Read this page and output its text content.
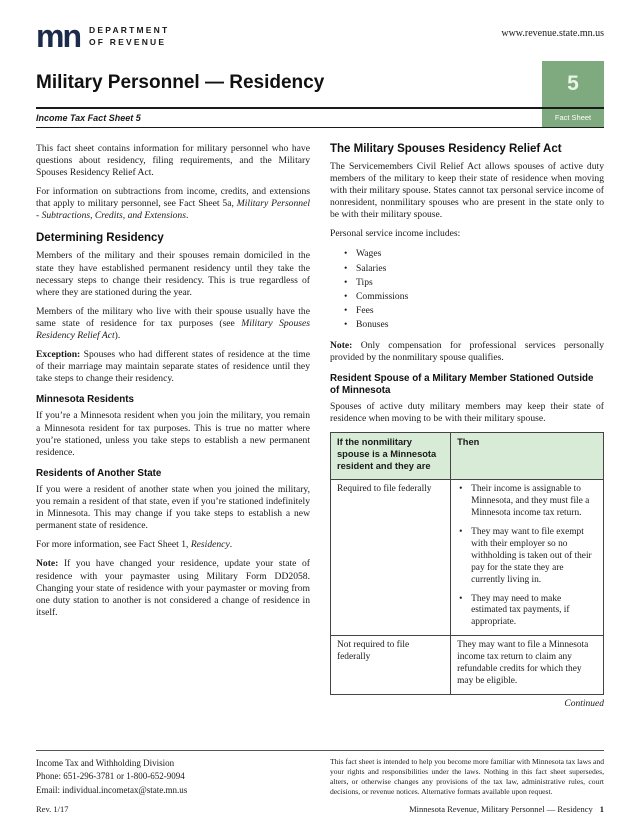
mn DEPARTMENT
OF REVENUE
www.revenue.state.mn.us
Military Personnel — Residency	5
Income Tax Fact Sheet 5	Fact Sheet

This fact sheet contains information for military personnel who have questions about residency, filing requirements, and the Military Spouses Residency Relief Act.

For information on subtractions from income, credits, and extensions that apply to military personnel, see Fact Sheet 5a, Military Personnel - Subtractions, Credits, and Extensions.

Determining Residency

Members of the military and their spouses remain domiciled in the state they have established permanent residency until they take the necessary steps to change their residency. This is true regardless of where they are stationed during the year.

Members of the military who live with their spouse usually have the same state of residence for tax purposes (see Military Spouses Residency Relief Act).

Exception: Spouses who had different states of residence at the time of their marriage may maintain separate states of residence until they take steps to change their residency.

Minnesota Residents

If you’re a Minnesota resident when you join the military, you remain a Minnesota resident for tax purposes. This is true no matter where you’re stationed, unless you take steps to establish a new permanent residence.

Residents of Another State

If you were a resident of another state when you joined the military, you remain a resident of that state, even if you’re stationed indefinitely in Minnesota. This may change if you take steps to establish a new permanent state of residence.

For more information, see Fact Sheet 1, Residency.

Note: If you have changed your residence, update your state of residence with your paymaster using Military Form DD2058. Changing your state of residence with your paymaster or moving from one duty station to another is not considered a change of residence in itself.

The Military Spouses Residency Relief Act

The Servicemembers Civil Relief Act allows spouses of active duty members of the military to keep their state of residence when moving with their military spouse. States cannot tax personal service income of nonresident, nonmilitary spouses who are present in the state only to be with their military spouse.

Personal service income includes:

• Wages
• Salaries
• Tips
• Commissions
• Fees
• Bonuses

Note: Only compensation for professional services personally provided by the nonmilitary spouse qualifies.

Resident Spouse of a Military Member Stationed Outside of Minnesota

Spouses of active duty military members may keep their state of residence when moving to be with their military spouse.

If the nonmilitary spouse is a Minnesota resident and they are	Then
Required to file federally	
•Their income is assignable to Minnesota, and they must file a Minnesota income tax return.
• They may want to file exempt with their employer so no withholding is taken out of their pay for the state they are currently living in.
• They may need to make estimated tax payments, if appropriate.

Not required to file federally	They may want to file a Minnesota income tax return to claim any refundable credits for which they may be eligible.
Continued
Income Tax and Withholding Division
Phone: 651-296-3781 or 1-800-652-9094
Email: individual.incometax@state.mn.us
This fact sheet is intended to help you become more familiar with Minnesota tax laws and your rights and responsibilities under the laws. Nothing in this fact sheet supersedes, alters, or otherwise changes any provisions of the tax law, administrative rules, court decisions, or revenue notices. Alternative formats available upon request.
Rev. 1/17	Minnesota Revenue, Military Personnel — Residency 1
